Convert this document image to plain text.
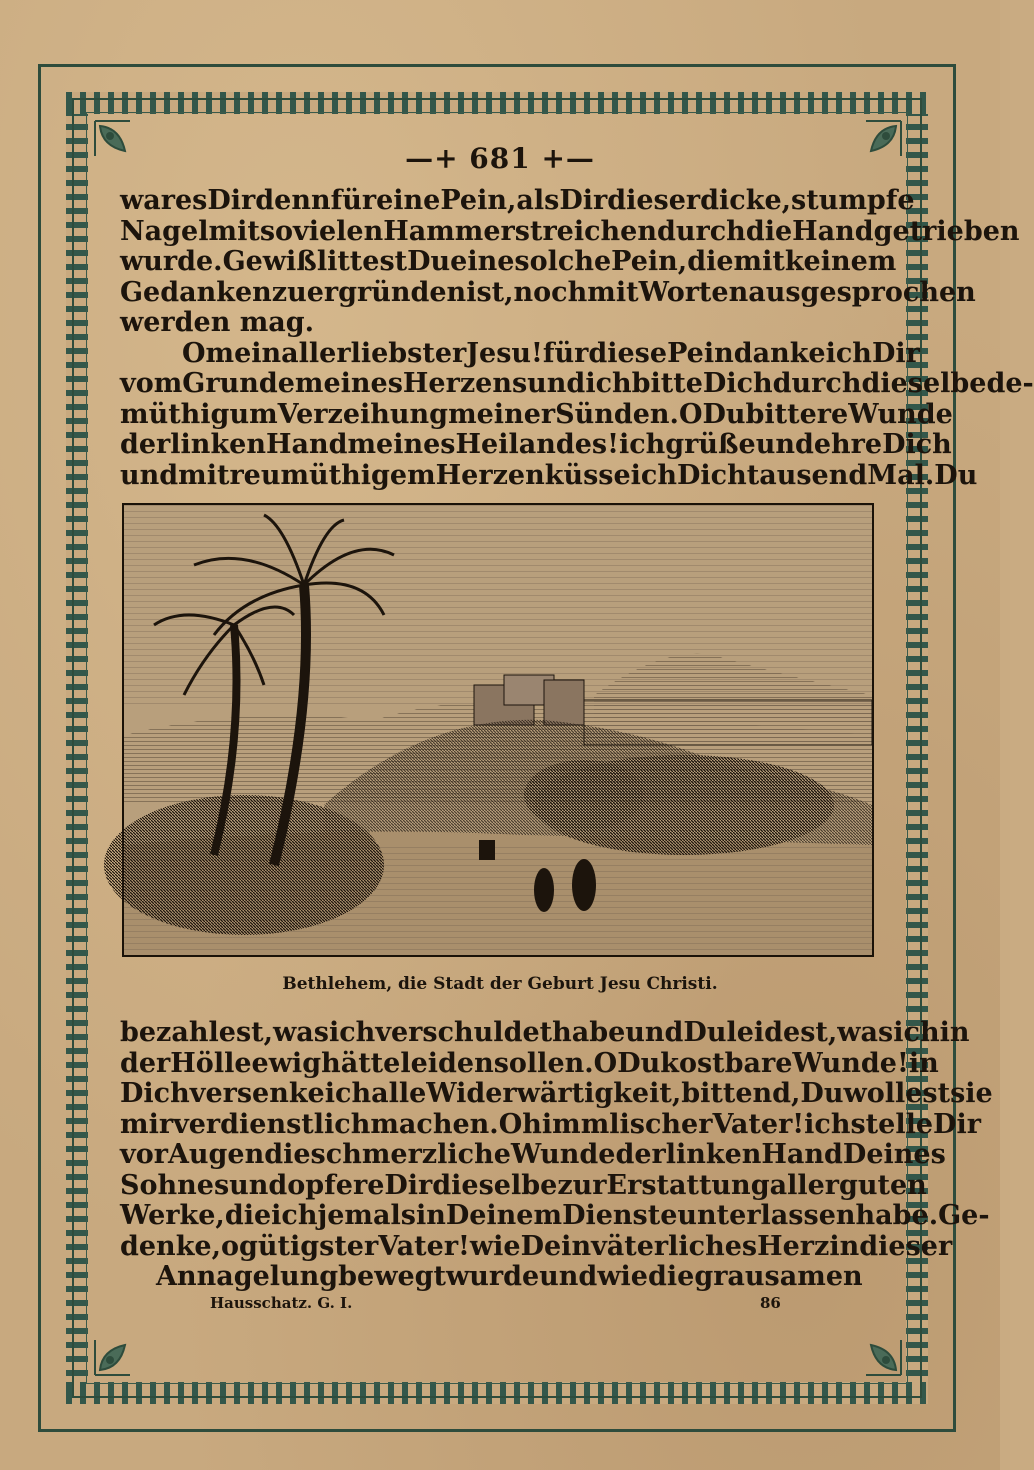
—+ 681 +—
war es Dir denn für eine Pein, als Dir dieser dicke, stumpfe
Nagel mit so vielen Hammerstreichen durch die Hand getrieben
wurde. Gewiß littest Du eine solche Pein, die mit keinem
Gedanken zu ergründen ist, noch mit Worten ausgesprochen
werden mag.
O mein allerliebster Jesu! für diese Pein danke ich Dir
vom Grunde meines Herzens und ich bitte Dich durch dieselbe de-
müthig um Verzeihung meiner Sünden. O Du bittere Wunde
der linken Hand meines Heilandes! ich grüße und ehre Dich
und mit reumüthigem Herzen küsse ich Dich tausend Mal. Du
Bethlehem, die Stadt der Geburt Jesu Christi.
bezahlest, was ich verschuldet habe und Du leidest, was ich in
der Hölle ewig hätte leiden sollen. O Du kostbare Wunde! in
Dich versenke ich alle Widerwärtigkeit, bittend, Du wollest sie
mir verdienstlich machen. O himmlischer Vater! ich stelle Dir
vor Augen die schmerzliche Wunde der linken Hand Deines
Sohnes und opfere Dir dieselbe zur Erstattung aller guten
Werke, die ich jemals in Deinem Dienste unterlassen habe. Ge-
denke, o gütigster Vater! wie Dein väterliches Herz in dieser
Annagelung bewegt wurde und wie die grausamen
Hausschatz. G. I.	86
